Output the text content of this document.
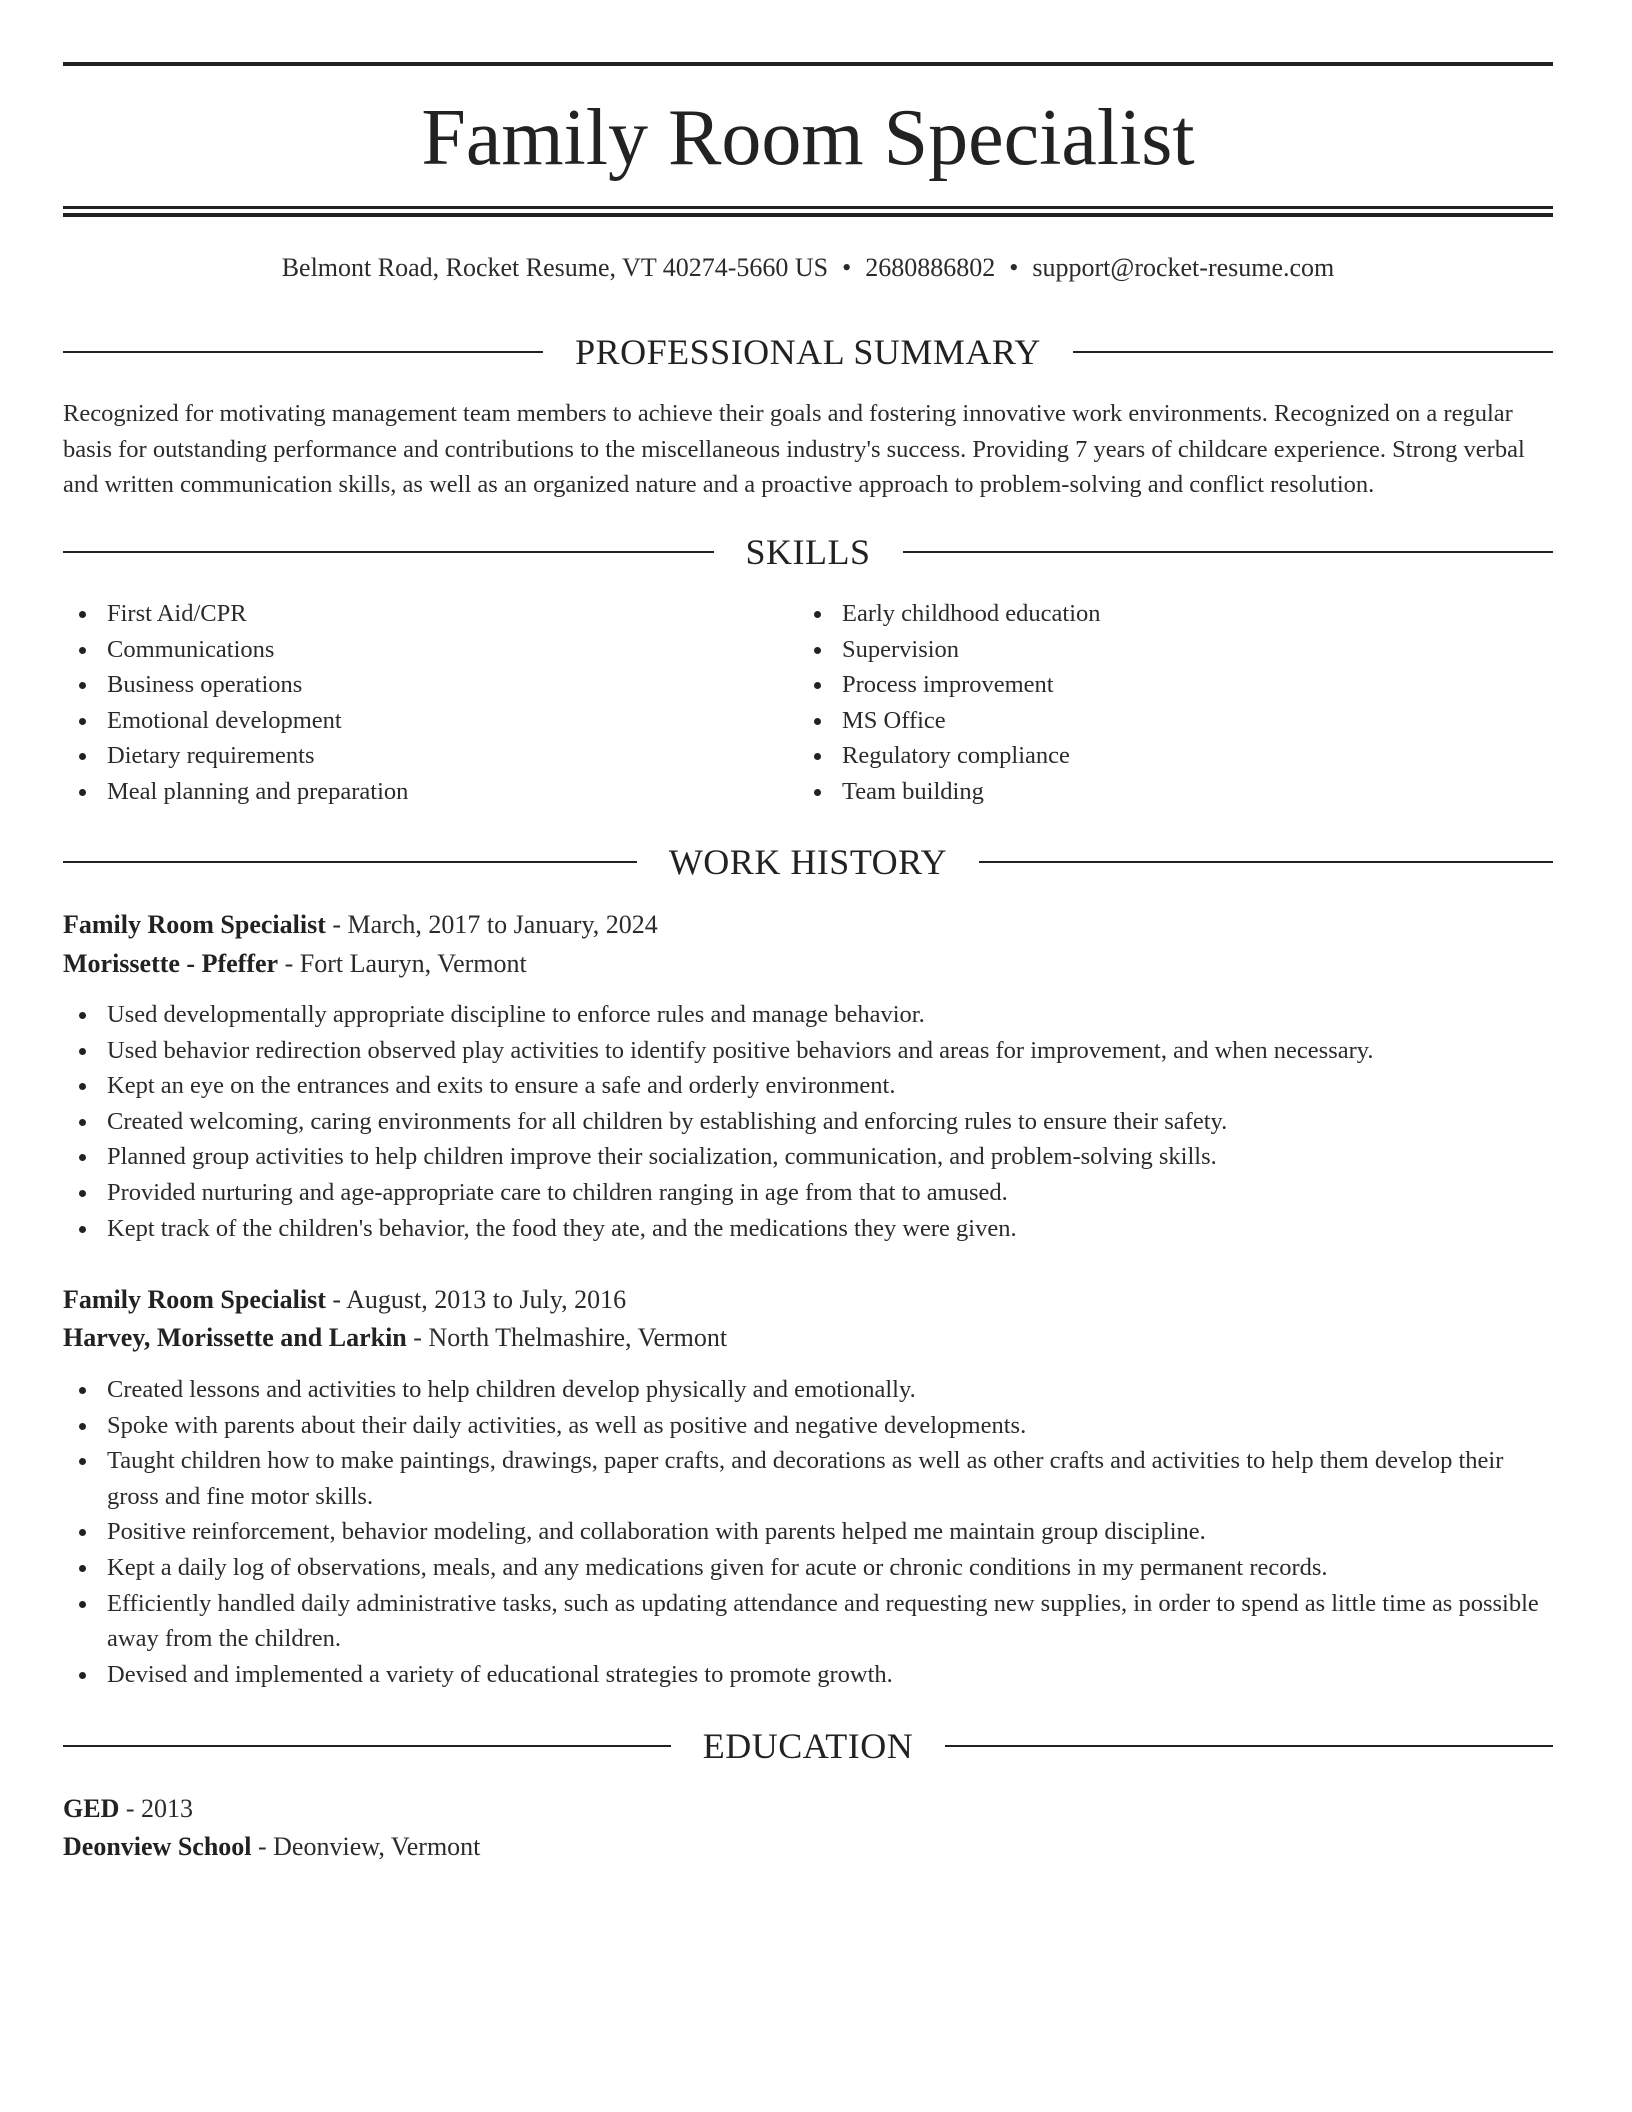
Family Room Specialist
Belmont Road, Rocket Resume, VT 40274-5660 US • 2680886802 • support@rocket-resume.com
PROFESSIONAL SUMMARY
Recognized for motivating management team members to achieve their goals and fostering innovative work environments. Recognized on a regular basis for outstanding performance and contributions to the miscellaneous industry's success. Providing 7 years of childcare experience. Strong verbal and written communication skills, as well as an organized nature and a proactive approach to problem-solving and conflict resolution.
SKILLS
First Aid/CPR
Communications
Business operations
Emotional development
Dietary requirements
Meal planning and preparation
Early childhood education
Supervision
Process improvement
MS Office
Regulatory compliance
Team building
WORK HISTORY
Family Room Specialist - March, 2017 to January, 2024
Morissette - Pfeffer - Fort Lauryn, Vermont
Used developmentally appropriate discipline to enforce rules and manage behavior.
Used behavior redirection observed play activities to identify positive behaviors and areas for improvement, and when necessary.
Kept an eye on the entrances and exits to ensure a safe and orderly environment.
Created welcoming, caring environments for all children by establishing and enforcing rules to ensure their safety.
Planned group activities to help children improve their socialization, communication, and problem-solving skills.
Provided nurturing and age-appropriate care to children ranging in age from that to amused.
Kept track of the children's behavior, the food they ate, and the medications they were given.
Family Room Specialist - August, 2013 to July, 2016
Harvey, Morissette and Larkin - North Thelmashire, Vermont
Created lessons and activities to help children develop physically and emotionally.
Spoke with parents about their daily activities, as well as positive and negative developments.
Taught children how to make paintings, drawings, paper crafts, and decorations as well as other crafts and activities to help them develop their gross and fine motor skills.
Positive reinforcement, behavior modeling, and collaboration with parents helped me maintain group discipline.
Kept a daily log of observations, meals, and any medications given for acute or chronic conditions in my permanent records.
Efficiently handled daily administrative tasks, such as updating attendance and requesting new supplies, in order to spend as little time as possible away from the children.
Devised and implemented a variety of educational strategies to promote growth.
EDUCATION
GED - 2013
Deonview School - Deonview, Vermont
